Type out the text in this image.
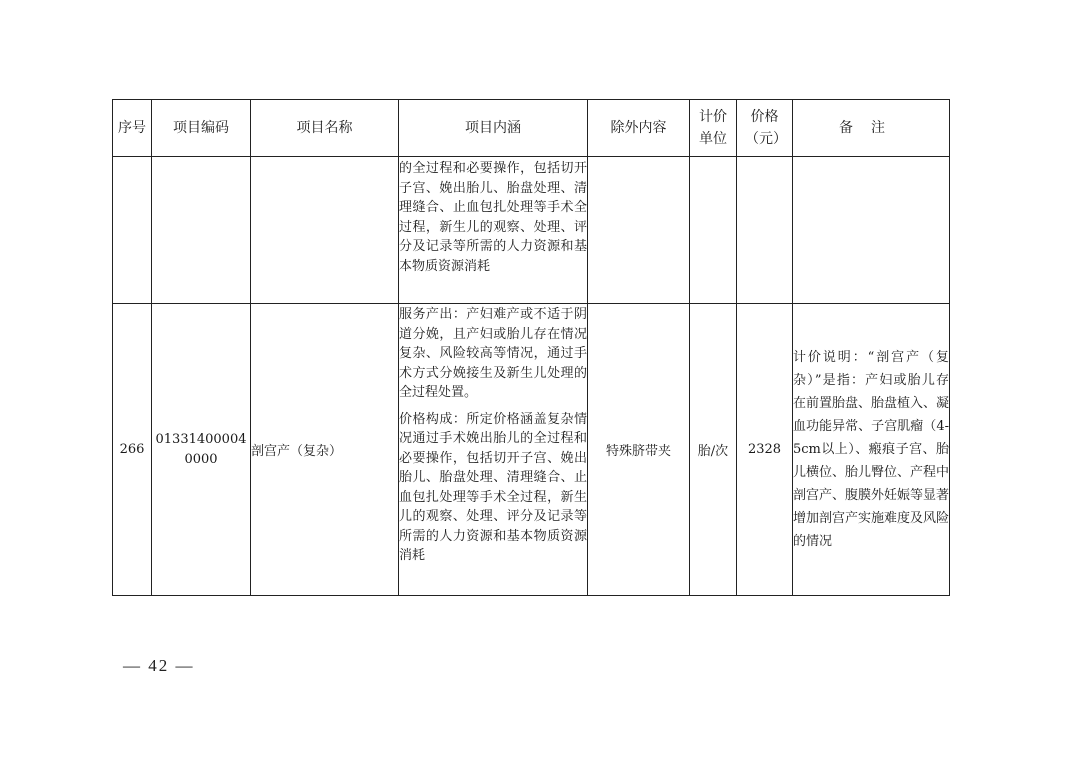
序号	项目编码	项目名称	项目内涵	除外内容	计价单位	价格（元）	备注

			的全过程和必要操作，包括切开子宫、娩出胎儿、胎盘处理、清理缝合、止血包扎处理等手术全过程，新生儿的观察、处理、评分及记录等所需的人力资源和基本物质资源消耗				

266	013314000040000	剖宫产（复杂）	服务产出：产妇难产或不适于阴道分娩，且产妇或胎儿存在情况复杂、风险较高等情况，通过手术方式分娩接生及新生儿处理的全过程处置。

价格构成：所定价格涵盖复杂情况通过手术娩出胎儿的全过程和必要操作，包括切开子宫、娩出胎儿、胎盘处理、清理缝合、止血包扎处理等手术全过程，新生儿的观察、处理、评分及记录等所需的人力资源和基本物质资源消耗	特殊脐带夹	胎/次	2328	计价说明：“剖宫产（复杂）”是指：产妇或胎儿存在前置胎盘、胎盘植入、凝血功能异常、子宫肌瘤（4-5cm以上）、瘢痕子宫、胎儿横位、胎儿臀位、产程中剖宫产、腹膜外妊娠等显著增加剖宫产实施难度及风险的情况
— 42 —
